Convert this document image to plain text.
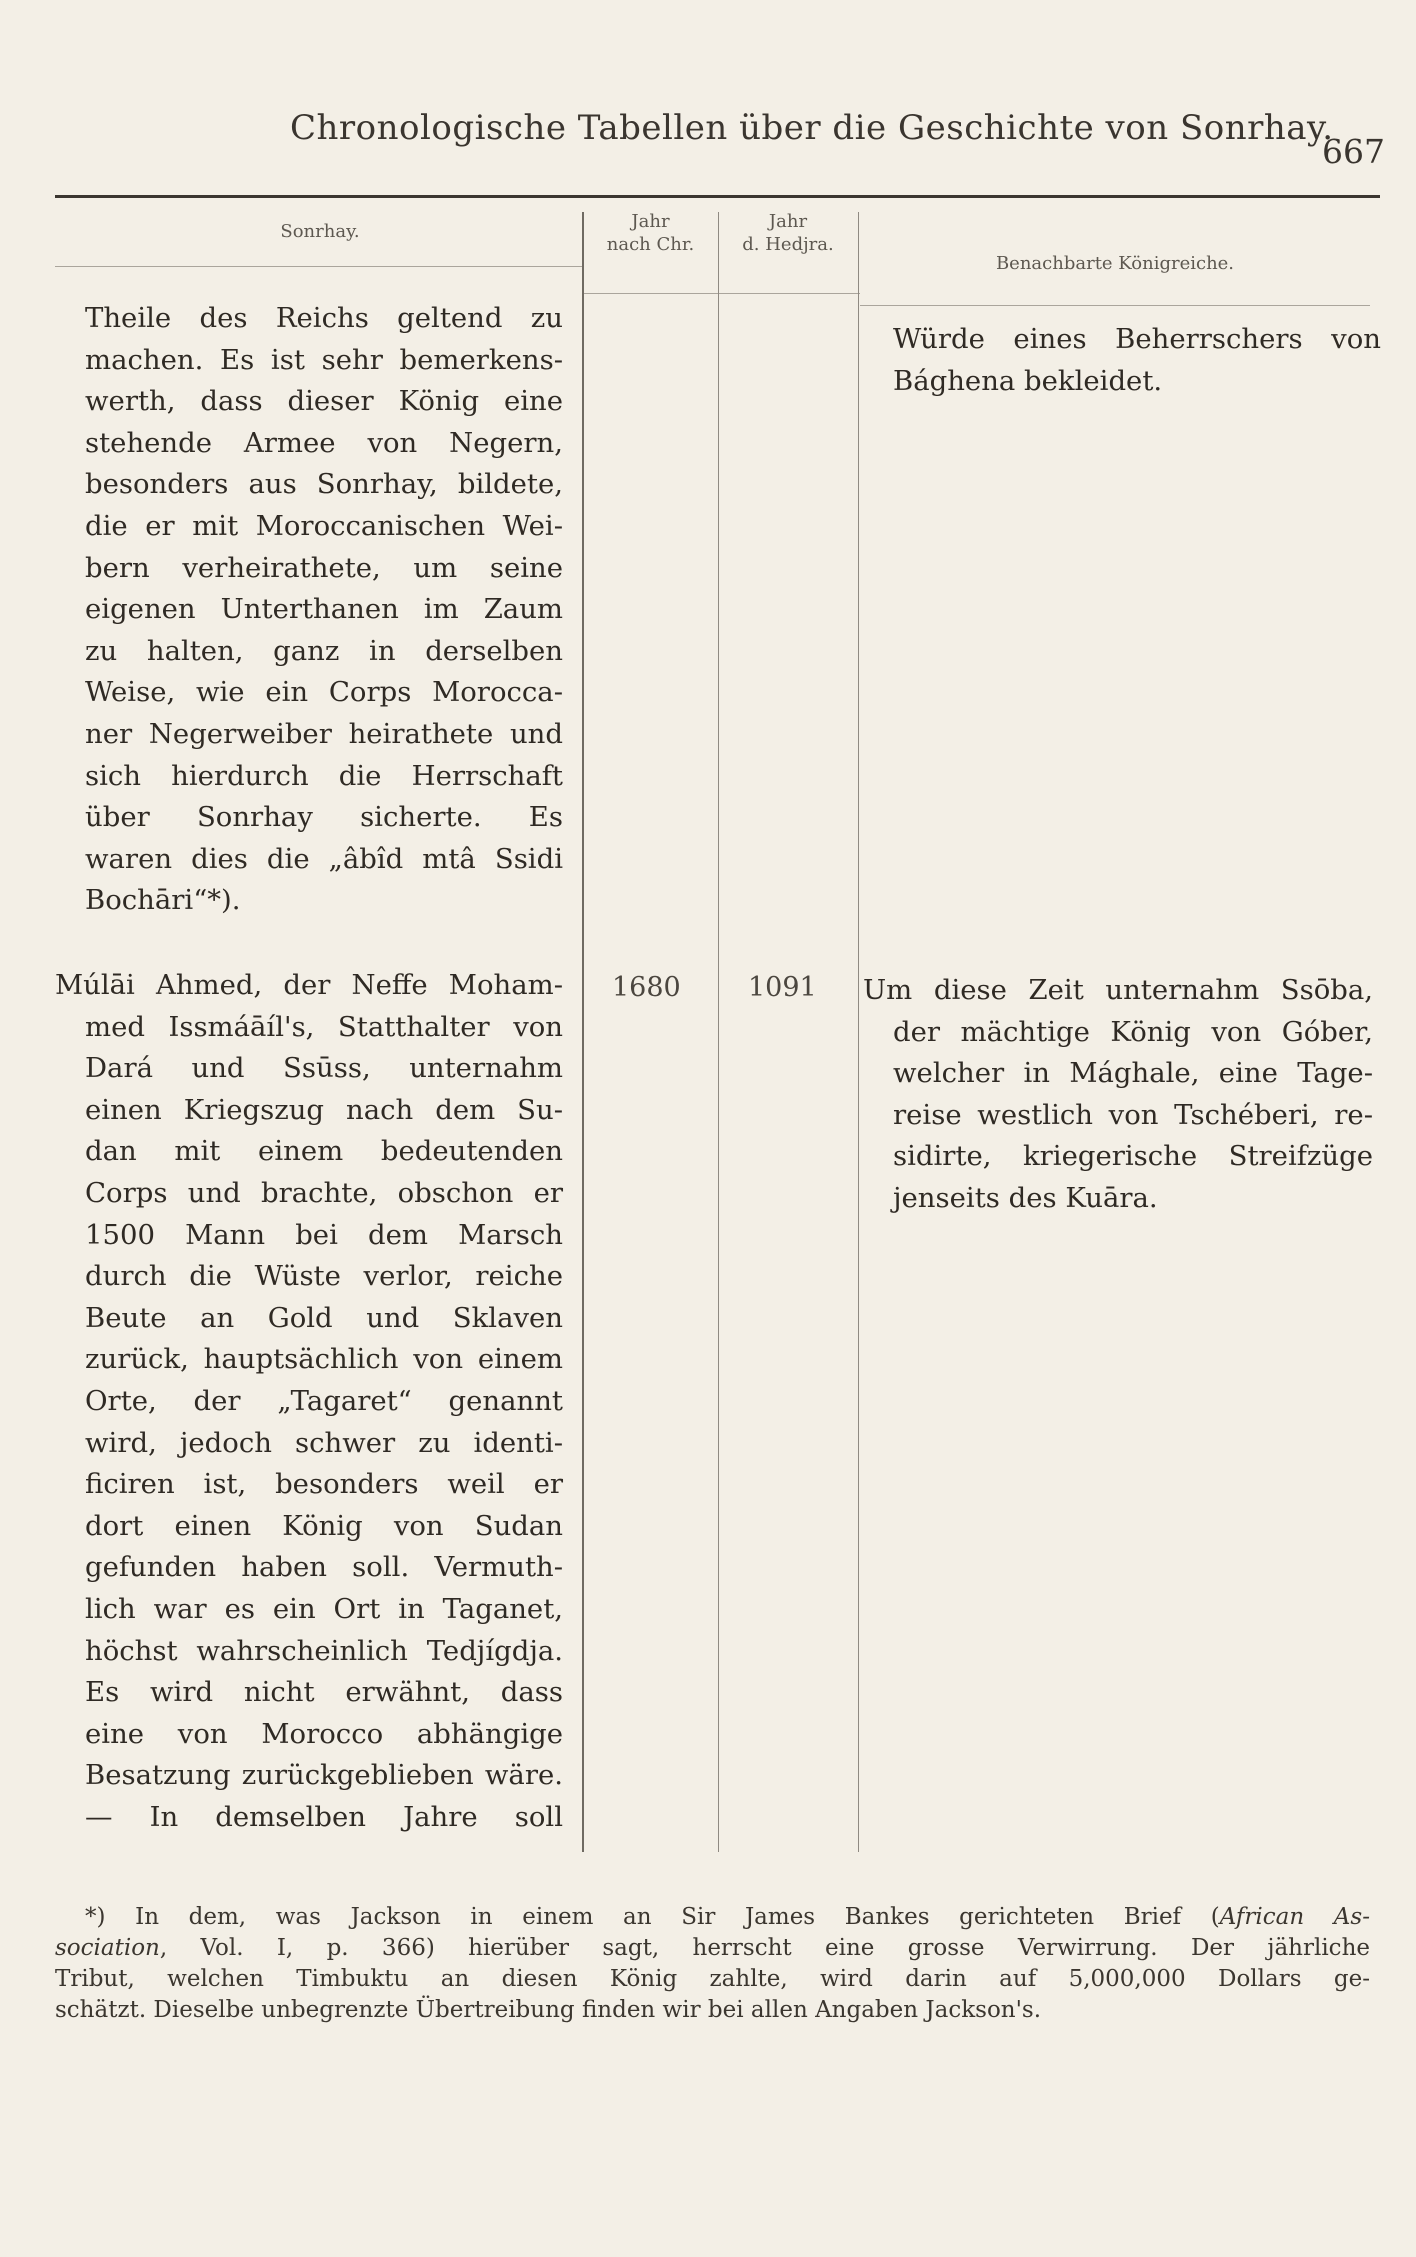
Chronologische Tabellen über die Geschichte von Sonrhay.
667
Sonrhay.	Jahr
nach Chr.
Jahr
d. Hedjra.
Benachbarte Königreiche.
Theile des Reichs geltend zu
machen. Es ist sehr bemerkens-
werth, dass dieser König eine
stehende Armee von Negern,
besonders aus Sonrhay, bildete,
die er mit Moroccanischen Wei-
bern verheirathete, um seine
eigenen Unterthanen im Zaum
zu halten, ganz in derselben
Weise, wie ein Corps Morocca-
ner Negerweiber heirathete und
sich hierdurch die Herrschaft
über Sonrhay sicherte. Es
waren dies die „âbîd mtâ Ssidi
Bochāri“*).
Würde eines Beherrschers von
Bághena bekleidet.
1680 1091
Múlāi Ahmed, der Neffe Moham-
med Issmáāíl's, Statthalter von
Dará und Ssūss, unternahm
einen Kriegszug nach dem Su-
dan mit einem bedeutenden
Corps und brachte, obschon er
1500 Mann bei dem Marsch
durch die Wüste verlor, reiche
Beute an Gold und Sklaven
zurück, hauptsächlich von einem
Orte, der „Tagaret“ genannt
wird, jedoch schwer zu identi-
ficiren ist, besonders weil er
dort einen König von Sudan
gefunden haben soll. Vermuth-
lich war es ein Ort in Taganet,
höchst wahrscheinlich Tedjígdja.
Es wird nicht erwähnt, dass
eine von Morocco abhängige
Besatzung zurückgeblieben wäre.
— In demselben Jahre soll
Um diese Zeit unternahm Ssōba,
der mächtige König von Góber,
welcher in Mághale, eine Tage-
reise westlich von Tschéberi, re-
sidirte, kriegerische Streifzüge
jenseits des Kuāra.
*) In dem, was Jackson in einem an Sir James Bankes gerichteten Brief (African As-
sociation, Vol. I, p. 366) hierüber sagt, herrscht eine grosse Verwirrung. Der jährliche
Tribut, welchen Timbuktu an diesen König zahlte, wird darin auf 5,000,000 Dollars ge-
schätzt. Dieselbe unbegrenzte Übertreibung finden wir bei allen Angaben Jackson's.
